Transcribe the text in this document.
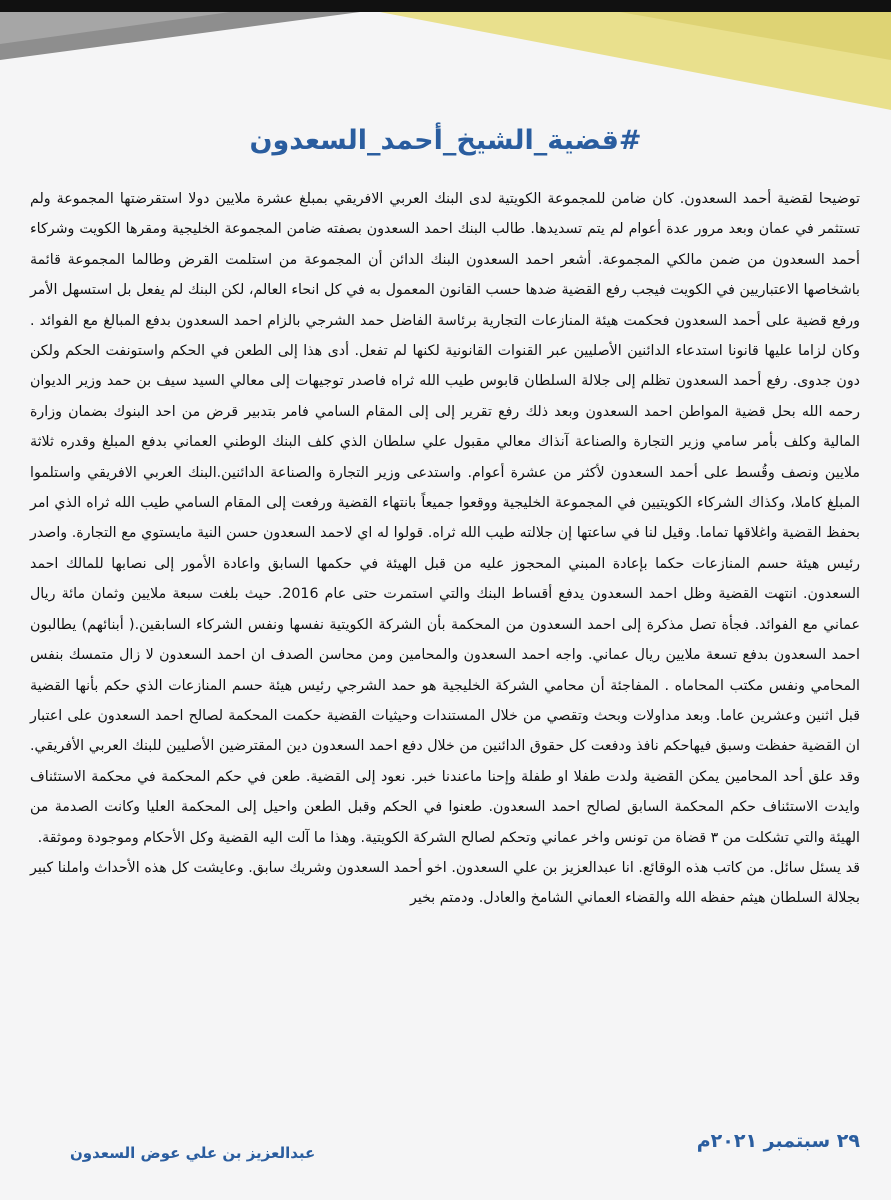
#قضية_الشيخ_أحمد_السعدون

توضيحا لقضية أحمد السعدون. كان ضامن للمجموعة الكويتية لدى البنك العربي الافريقي بمبلغ عشرة ملايين دولا استقرضتها المجموعة ولم تستثمر في عمان وبعد مرور عدة أعوام لم يتم تسديدها. طالب البنك احمد السعدون بصفته ضامن المجموعة الخليجية ومقرها الكويت وشركاء أحمد السعدون من ضمن مالكي المجموعة. أشعر احمد السعدون البنك الدائن أن المجموعة من استلمت القرض وطالما المجموعة قائمة باشخاصها الاعتباريين في الكويت فيجب رفع القضية ضدها حسب القانون المعمول به في كل انحاء العالم، لكن البنك لم يفعل بل استسهل الأمر ورفع قضية على أحمد السعدون فحكمت هيئة المنازعات التجارية برئاسة الفاضل حمد الشرجي بالزام احمد السعدون بدفع المبالغ مع الفوائد . وكان لزاما عليها قانونا استدعاء الدائنين الأصليين عبر القنوات القانونية لكنها لم تفعل. أدى هذا إلى الطعن في الحكم واستونفت الحكم ولكن دون جدوى. رفع أحمد السعدون تظلم إلى جلالة السلطان قابوس طيب الله ثراه فاصدر توجيهات إلى معالي السيد سيف بن حمد وزير الديوان رحمه الله بحل قضية المواطن احمد السعدون وبعد ذلك رفع تقرير إلى إلى المقام السامي فامر بتدبير قرض من احد البنوك بضمان وزارة المالية وكلف بأمر سامي وزير التجارة والصناعة آنذاك معالي مقبول علي سلطان الذي كلف البنك الوطني العماني بدفع المبلغ وقدره ثلاثة ملايين ونصف وقُسط على أحمد السعدون لأكثر من عشرة أعوام. واستدعى وزير التجارة والصناعة الدائنين.البنك العربي الافريقي واستلموا المبلغ كاملا، وكذاك الشركاء الكويتيين في المجموعة الخليجية ووقعوا جميعاً بانتهاء القضية ورفعت إلى المقام السامي طيب الله ثراه الذي امر بحفظ القضية واغلاقها تماما. وقيل لنا في ساعتها إن جلالته طيب الله ثراه. قولوا له اي لاحمد السعدون حسن النية مايستوي مع التجارة. واصدر رئيس هيئة حسم المنازعات حكما بإعادة المبني المحجوز عليه من قبل الهيئة في حكمها السابق واعادة الأمور إلى نصابها للمالك احمد السعدون. انتهت القضية وظل احمد السعدون يدفع أقساط البنك والتي استمرت حتى عام 2016. حيث بلغت سبعة ملايين وثمان مائة ريال عماني مع الفوائد. فجأة تصل مذكرة إلى احمد السعدون من المحكمة بأن الشركة الكويتية نفسها ونفس الشركاء السابقين.( أبنائهم) يطالبون احمد السعدون بدفع تسعة ملايين ريال عماني. واجه احمد السعدون والمحامين ومن محاسن الصدف ان احمد السعدون لا زال متمسك بنفس المحامي ونفس مكتب المحاماه . المفاجئة أن محامي الشركة الخليجية هو حمد الشرجي رئيس هيئة حسم المنازعات الذي حكم بأنها القضية قبل اثنين وعشرين عاما. وبعد مداولات وبحث وتقصي من خلال المستندات وحيثيات القضية حكمت المحكمة لصالح احمد السعدون على اعتبار ان القضية حفظت وسبق فيهاحكم نافذ ودفعت كل حقوق الدائنين من خلال دفع احمد السعدون دين المقترضين الأصليين للبنك العربي الأفريقي. وقد علق أحد المحامين يمكن القضية ولدت طفلا او طفلة وإحنا ماعندنا خبر. نعود إلى القضية. طعن في حكم المحكمة في محكمة الاستئناف وايدت الاستئناف حكم المحكمة السابق لصالح احمد السعدون. طعنوا في الحكم وقبل الطعن واحيل إلى المحكمة العليا وكانت الصدمة من الهيئة والتي تشكلت من ٣ قضاة من تونس واخر عماني وتحكم لصالح الشركة الكويتية. وهذا ما آلت اليه القضية وكل الأحكام وموجودة وموثقة.

قد يسئل سائل. من كاتب هذه الوقائع. انا عبدالعزيز بن علي السعدون. اخو أحمد السعدون وشريك سابق. وعايشت كل هذه الأحداث واملنا كبير بجلالة السلطان هيثم حفظه الله والقضاء العماني الشامخ والعادل. ودمتم بخير

٢٩ سبتمبر ٢٠٢١م
عبدالعزيز بن علي عوض السعدون
